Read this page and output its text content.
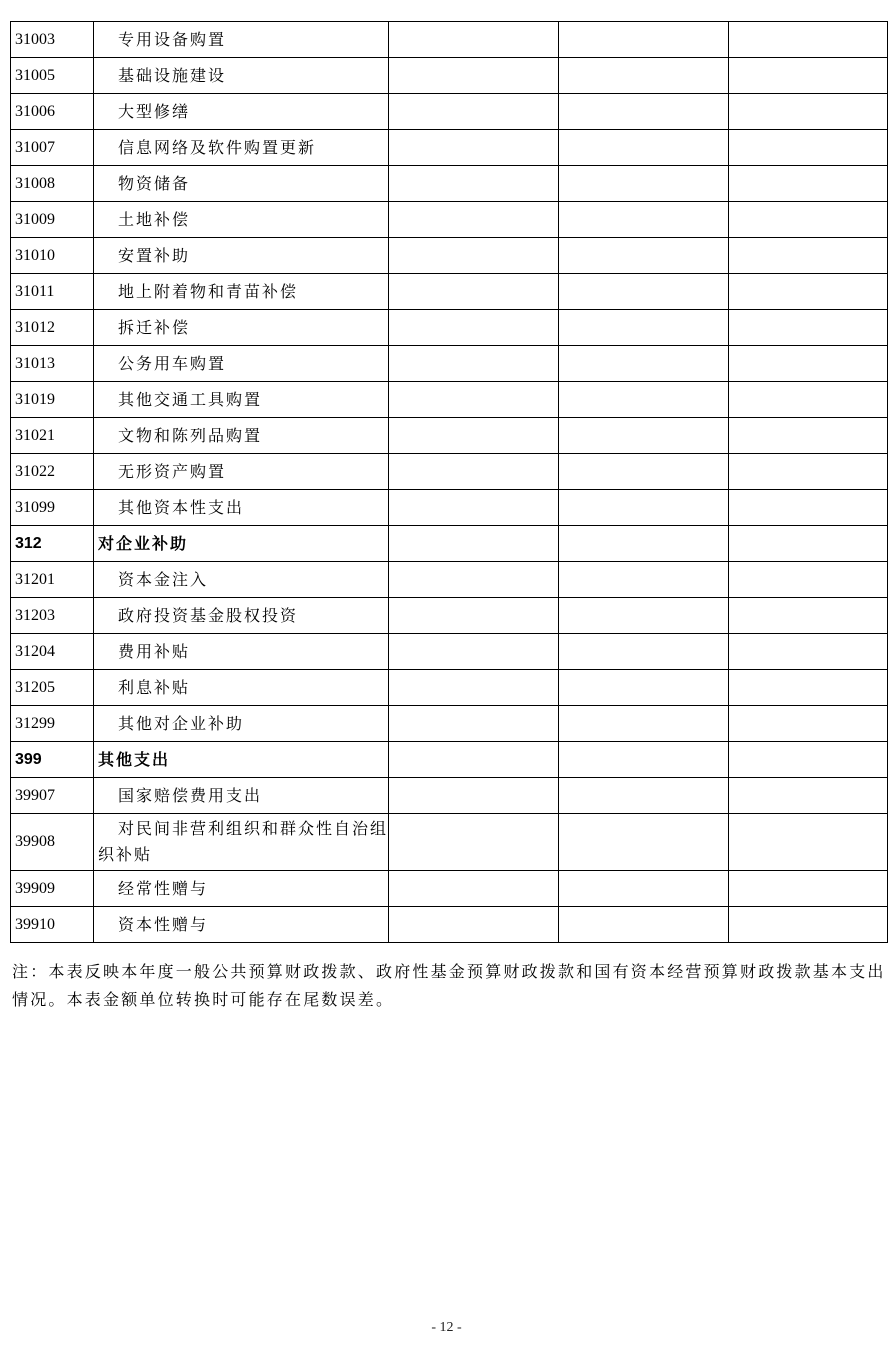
31003	专用设备购置			
31005	基础设施建设			
31006	大型修缮			
31007	信息网络及软件购置更新			
31008	物资储备			
31009	土地补偿			
31010	安置补助			
31011	地上附着物和青苗补偿			
31012	拆迁补偿			
31013	公务用车购置			
31019	其他交通工具购置			
31021	文物和陈列品购置			
31022	无形资产购置			
31099	其他资本性支出			
312	对企业补助			
31201	资本金注入			
31203	政府投资基金股权投资			
31204	费用补贴			
31205	利息补贴			
31299	其他对企业补助			
399	其他支出			
39907	国家赔偿费用支出			
39908	对民间非营利组织和群众性自治组织补贴			
39909	经常性赠与			
39910	资本性赠与			

注：本表反映本年度一般公共预算财政拨款、政府性基金预算财政拨款和国有资本经营预算财政拨款基本支出情况。本表金额单位转换时可能存在尾数误差。

- 12 -
